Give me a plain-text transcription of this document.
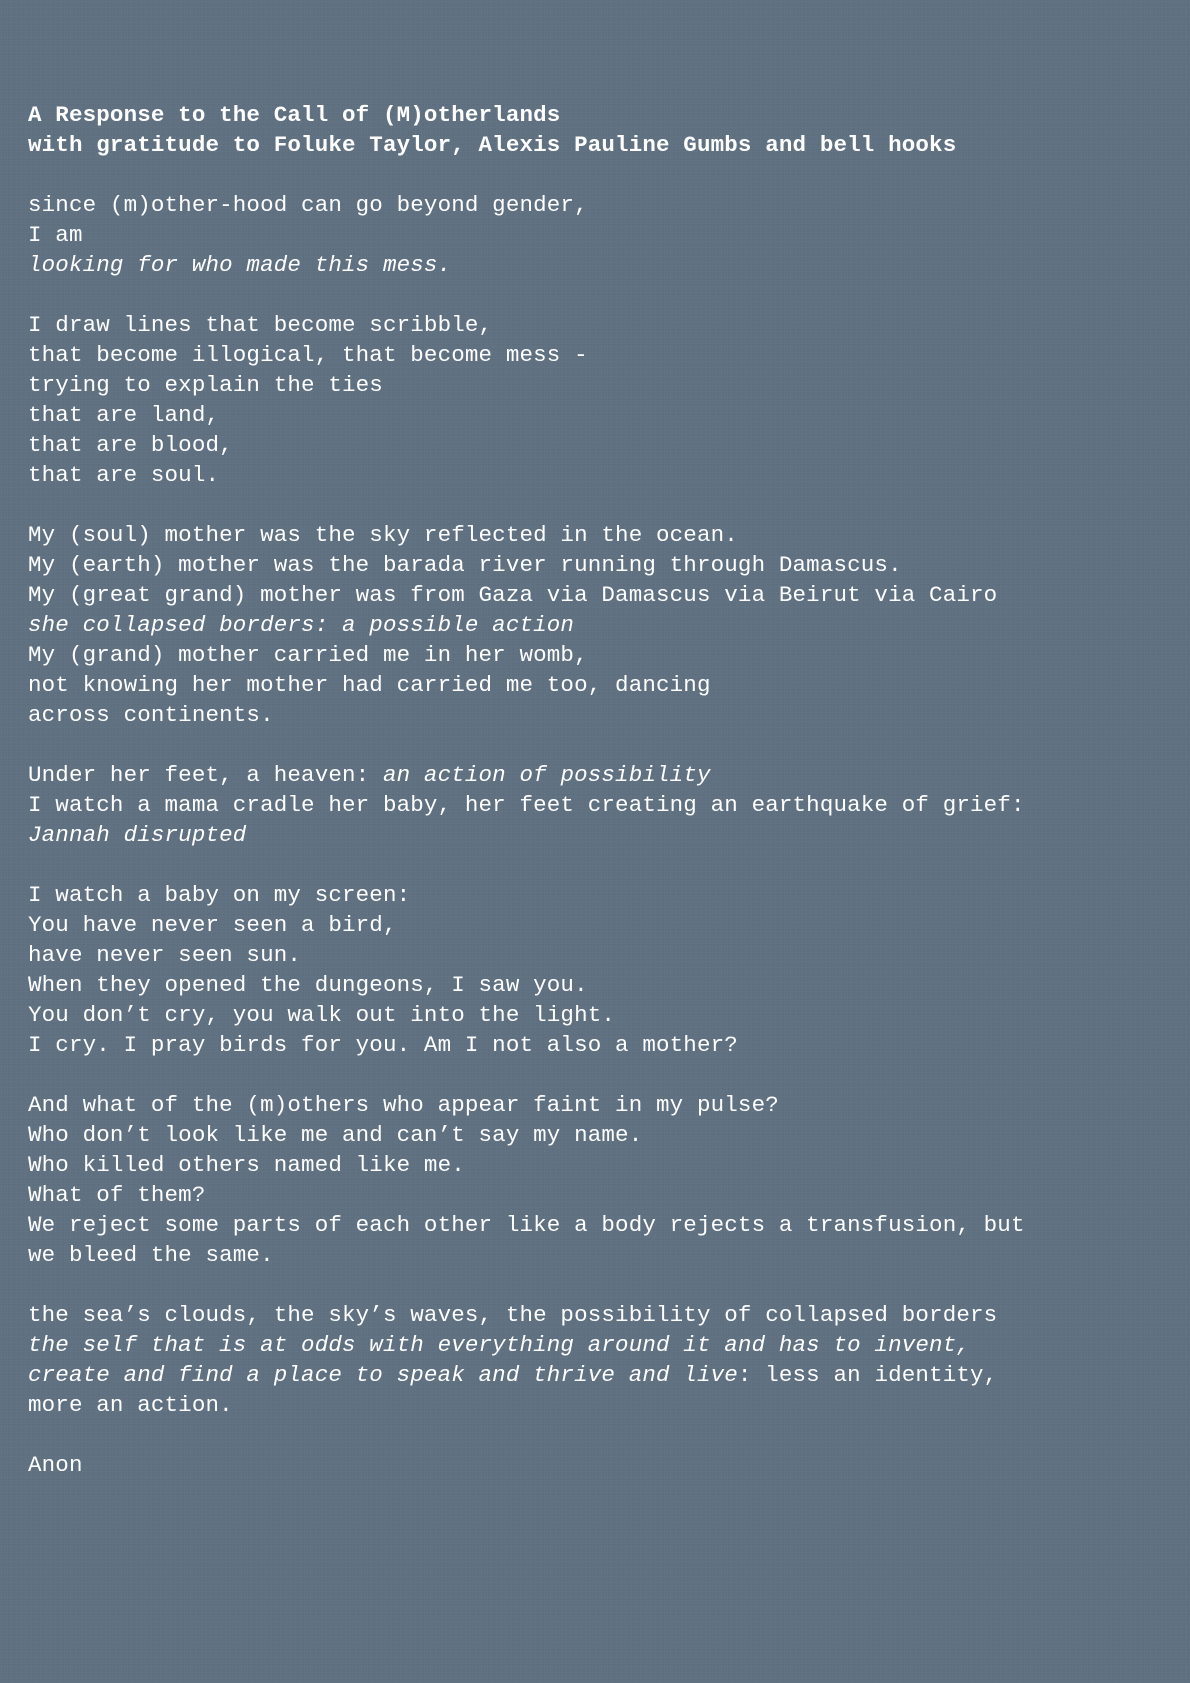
A Response to the Call of (M)otherlands
with gratitude to Foluke Taylor, Alexis Pauline Gumbs and bell hooks
since (m)other-hood can go beyond gender,
I am
looking for who made this mess.
I draw lines that become scribble,
that become illogical, that become mess -
trying to explain the ties
that are land,
that are blood,
that are soul.
My (soul) mother was the sky reflected in the ocean.
My (earth) mother was the barada river running through Damascus.
My (great grand) mother was from Gaza via Damascus via Beirut via Cairo
she collapsed borders: a possible action
My (grand) mother carried me in her womb,
not knowing her mother had carried me too, dancing
across continents.
Under her feet, a heaven: an action of possibility
I watch a mama cradle her baby, her feet creating an earthquake of grief:
Jannah disrupted
I watch a baby on my screen:
You have never seen a bird,
have never seen sun.
When they opened the dungeons, I saw you.
You don’t cry, you walk out into the light.
I cry. I pray birds for you. Am I not also a mother?
And what of the (m)others who appear faint in my pulse?
Who don’t look like me and can’t say my name.
Who killed others named like me.
What of them?
We reject some parts of each other like a body rejects a transfusion, but
we bleed the same.
the sea’s clouds, the sky’s waves, the possibility of collapsed borders
the self that is at odds with everything around it and has to invent,
create and find a place to speak and thrive and live: less an identity,
more an action.
Anon
